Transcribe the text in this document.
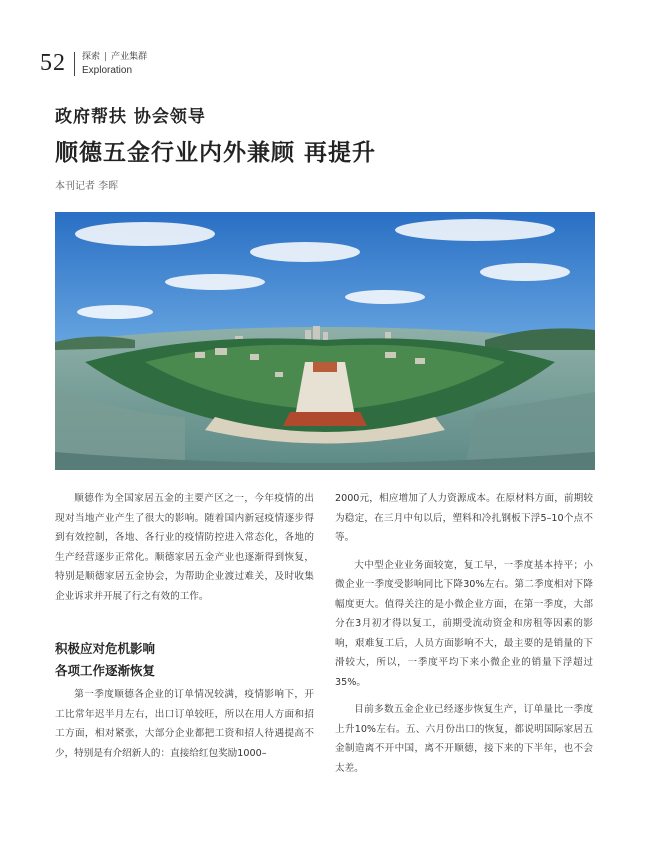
52 探索 | 产业集群
Exploration
政府帮扶 协会领导
顺德五金行业内外兼顾 再提升
本刊记者 李晖

顺德作为全国家居五金的主要产区之一，今年疫情的出现对当地产业产生了很大的影响。随着国内新冠疫情逐步得到有效控制，各地、各行业的疫情防控进入常态化，各地的生产经营逐步正常化。顺德家居五金产业也逐渐得到恢复，特别是顺德家居五金协会，为帮助企业渡过难关，及时收集企业诉求并开展了行之有效的工作。

积极应对危机影响
各项工作逐渐恢复

第一季度顺德各企业的订单情况较满，疫情影响下，开工比常年迟半月左右，出口订单较旺，所以在用人方面和招工方面，相对紧张，大部分企业都把工资和招人待遇提高不少，特别是有介绍新人的：直接给红包奖励1000–

2000元，相应增加了人力资源成本。在原材料方面，前期较为稳定，在三月中旬以后，塑料和冷扎钢板下浮5–10个点不等。

大中型企业业务面较宽，复工早，一季度基本持平；小微企业一季度受影响同比下降30%左右。第二季度相对下降幅度更大。值得关注的是小微企业方面，在第一季度，大部分在3月初才得以复工，前期受流动资金和房租等因素的影响，艰难复工后，人员方面影响不大，最主要的是销量的下滑较大，所以，一季度平均下来小微企业的销量下浮超过35%。

目前多数五金企业已经逐步恢复生产，订单量比一季度上升10%左右。五、六月份出口的恢复，都说明国际家居五金制造离不开中国，离不开顺德，接下来的下半年，也不会太差。
